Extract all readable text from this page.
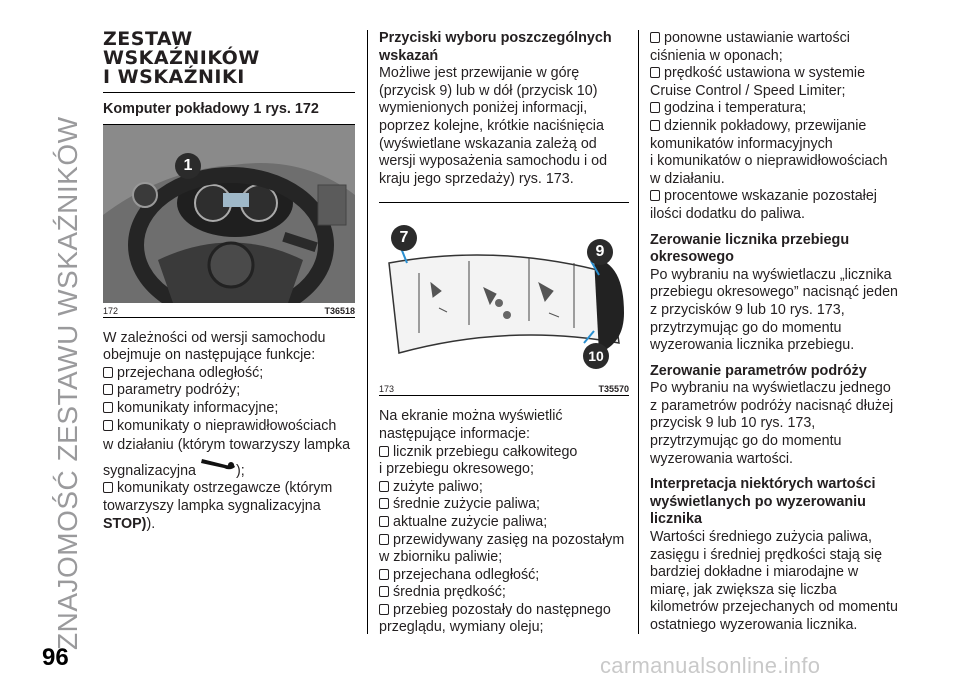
ZNAJOMOŚĆ ZESTAWU WSKAŹNIKÓW
96	carmanualsonline.info
ZESTAW
WSKAŹNIKÓW
I WSKAŹNIKI

Komputer pokładowy 1 rys. 172

1
172	T36518

W zależności od wersji samochodu obejmuje on następujące funkcje:

przejechana odległość;

parametry podróży;

komunikaty informacyjne;

komunikaty o nieprawidłowościach

w działaniu (którym towarzyszy lampka sygnalizacyjna	);

komunikaty ostrzegawcze (którym

towarzyszy lampka sygnalizacyjna

STOP)).

Przyciski wyboru poszczególnych wskazań

Możliwe jest przewijanie w górę (przycisk 9) lub w dół (przycisk 10) wymienionych poniżej informacji, poprzez kolejne, krótkie naciśnięcia (wyświetlane wskazania zależą od wersji wyposażenia samochodu i od kraju jego sprzedaży) rys. 173.

7
9
10
173	T35570

Na ekranie można wyświetlić następujące informacje:

licznik przebiegu całkowitego

i przebiegu okresowego;

zużyte paliwo;

średnie zużycie paliwa;

aktualne zużycie paliwa;

przewidywany zasięg na pozostałym

w zbiorniku paliwie;

przejechana odległość;

średnia prędkość;

przebieg pozostały do następnego

przeglądu, wymiany oleju;

ponowne ustawianie wartości

ciśnienia w oponach;

prędkość ustawiona w systemie

Cruise Control / Speed Limiter;

godzina i temperatura;

dziennik pokładowy, przewijanie

komunikatów informacyjnych

i komunikatów o nieprawidłowościach

w działaniu.

procentowe wskazanie pozostałej

ilości dodatku do paliwa.

Zerowanie licznika przebiegu okresowego

Po wybraniu na wyświetlaczu „licznika przebiegu okresowego” nacisnąć jeden z przycisków 9 lub 10 rys. 173, przytrzymując go do momentu wyzerowania licznika przebiegu.

Zerowanie parametrów podróży

Po wybraniu na wyświetlaczu jednego z parametrów podróży nacisnąć dłużej przycisk 9 lub 10 rys. 173, przytrzymując go do momentu wyzerowania wartości.

Interpretacja niektórych wartości wyświetlanych po wyzerowaniu licznika

Wartości średniego zużycia paliwa, zasięgu i średniej prędkości stają się bardziej dokładne i miarodajne w miarę, jak zwiększa się liczba kilometrów przejechanych od momentu ostatniego wyzerowania licznika.
